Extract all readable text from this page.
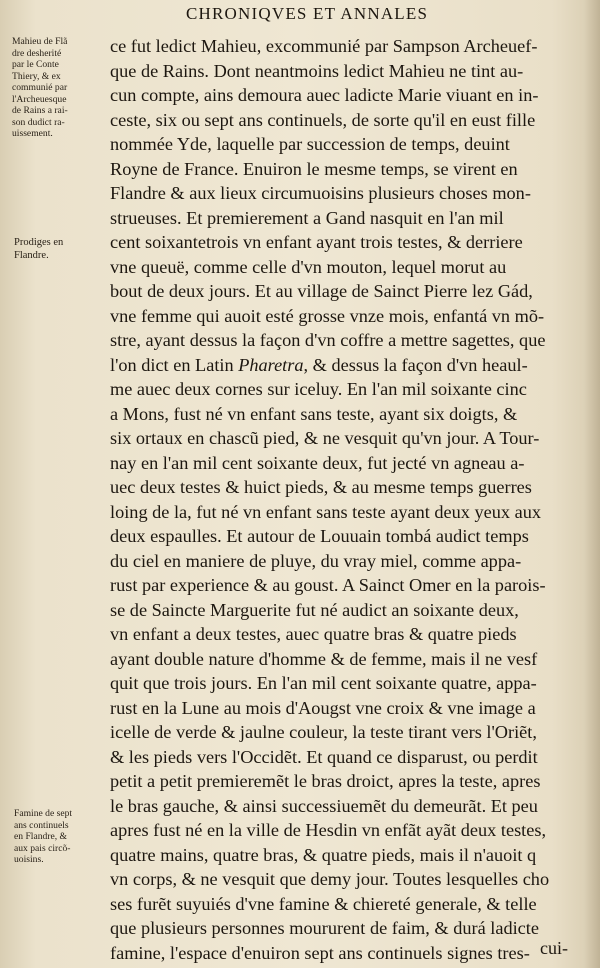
CHRONIQVES ET ANNALES
Mahieu de Flã
dre desherité
par le Conte
Thiery, & ex
communié par
l'Archeuesque
de Rains a rai-
son dudict ra-
uissement.
Prodiges en
Flandre.
Famine de sept
ans continuels
en Flandre, &
aux pais circõ-
uoisins.
ce fut ledict Mahieu, excommunié par Sampson Archeuef-
que de Rains. Dont neantmoins ledict Mahieu ne tint au-
cun compte, ains demoura auec ladicte Marie viuant en in-
ceste, six ou sept ans continuels, de sorte qu'il en eust fille
nommée Yde, laquelle par succession de temps, deuint
Royne de France. Enuiron le mesme temps, se virent en
Flandre & aux lieux circumuoisins plusieurs choses mon-
strueuses. Et premierement a Gand nasquit en l'an mil
cent soixantetrois vn enfant ayant trois testes, & derriere
vne queuë, comme celle d'vn mouton, lequel morut au
bout de deux jours. Et au village de Sainct Pierre lez Gád,
vne femme qui auoit esté grosse vnze mois, enfantá vn mõ-
stre, ayant dessus la façon d'vn coffre a mettre sagettes, que
l'on dict en Latin Pharetra, & dessus la façon d'vn heaul-
me auec deux cornes sur iceluy. En l'an mil soixante cinc
a Mons, fust né vn enfant sans teste, ayant six doigts, &
six ortaux en chascũ pied, & ne vesquit qu'vn jour. A Tour-
nay en l'an mil cent soixante deux, fut jecté vn agneau a-
uec deux testes & huict pieds, & au mesme temps guerres
loing de la, fut né vn enfant sans teste ayant deux yeux aux
deux espaulles. Et autour de Louuain tombá audict temps
du ciel en maniere de pluye, du vray miel, comme appa-
rust par experience & au goust. A Sainct Omer en la parois-
se de Saincte Marguerite fut né audict an soixante deux,
vn enfant a deux testes, auec quatre bras & quatre pieds
ayant double nature d'homme & de femme, mais il ne vesf
quit que trois jours. En l'an mil cent soixante quatre, appa-
rust en la Lune au mois d'Aougst vne croix & vne image a
icelle de verde & jaulne couleur, la teste tirant vers l'Oriẽt,
& les pieds vers l'Occidẽt. Et quand ce disparust, ou perdit
petit a petit premieremẽt le bras droict, apres la teste, apres
le bras gauche, & ainsi successiuemẽt du demeurãt. Et peu
apres fust né en la ville de Hesdin vn enfãt ayãt deux testes,
quatre mains, quatre bras, & quatre pieds, mais il n'auoit q
vn corps, & ne vesquit que demy jour. Toutes lesquelles cho
ses furẽt suyuiés d'vne famine & chiereté generale, & telle
que plusieurs personnes moururent de faim, & durá ladicte
famine, l'espace d'enuiron sept ans continuels signes tres- cui-
